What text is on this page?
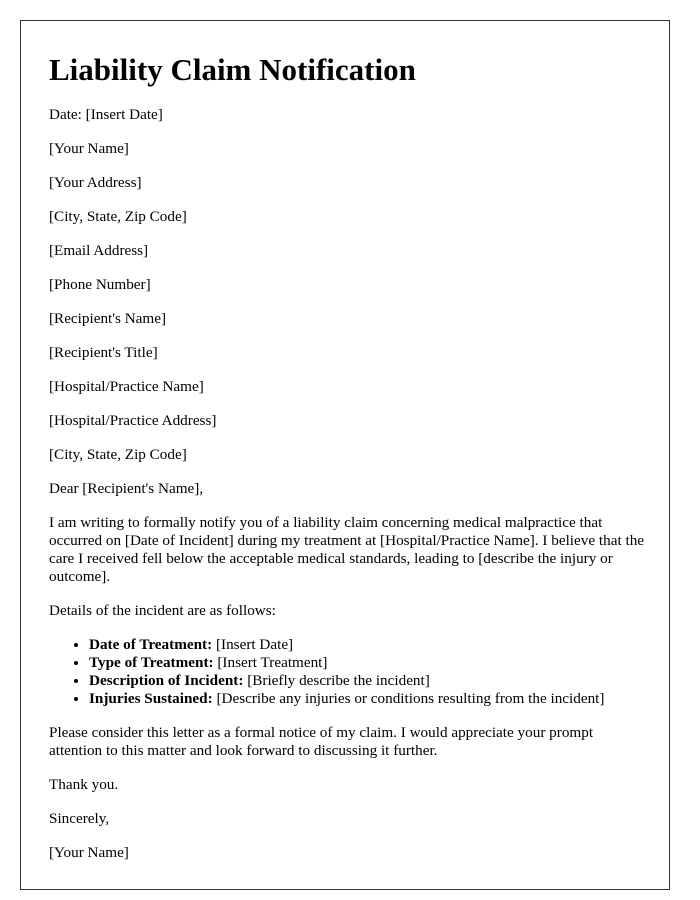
Liability Claim Notification

Date: [Insert Date]

[Your Name]

[Your Address]

[City, State, Zip Code]

[Email Address]

[Phone Number]

[Recipient's Name]

[Recipient's Title]

[Hospital/Practice Name]

[Hospital/Practice Address]

[City, State, Zip Code]

Dear [Recipient's Name],

I am writing to formally notify you of a liability claim concerning medical malpractice that occurred on [Date of Incident] during my treatment at [Hospital/Practice Name]. I believe that the care I received fell below the acceptable medical standards, leading to [describe the injury or outcome].

Details of the incident are as follows:

• Date of Treatment: [Insert Date]
• Type of Treatment: [Insert Treatment]
• Description of Incident: [Briefly describe the incident]
• Injuries Sustained: [Describe any injuries or conditions resulting from the incident]

Please consider this letter as a formal notice of my claim. I would appreciate your prompt attention to this matter and look forward to discussing it further.

Thank you.

Sincerely,

[Your Name]
